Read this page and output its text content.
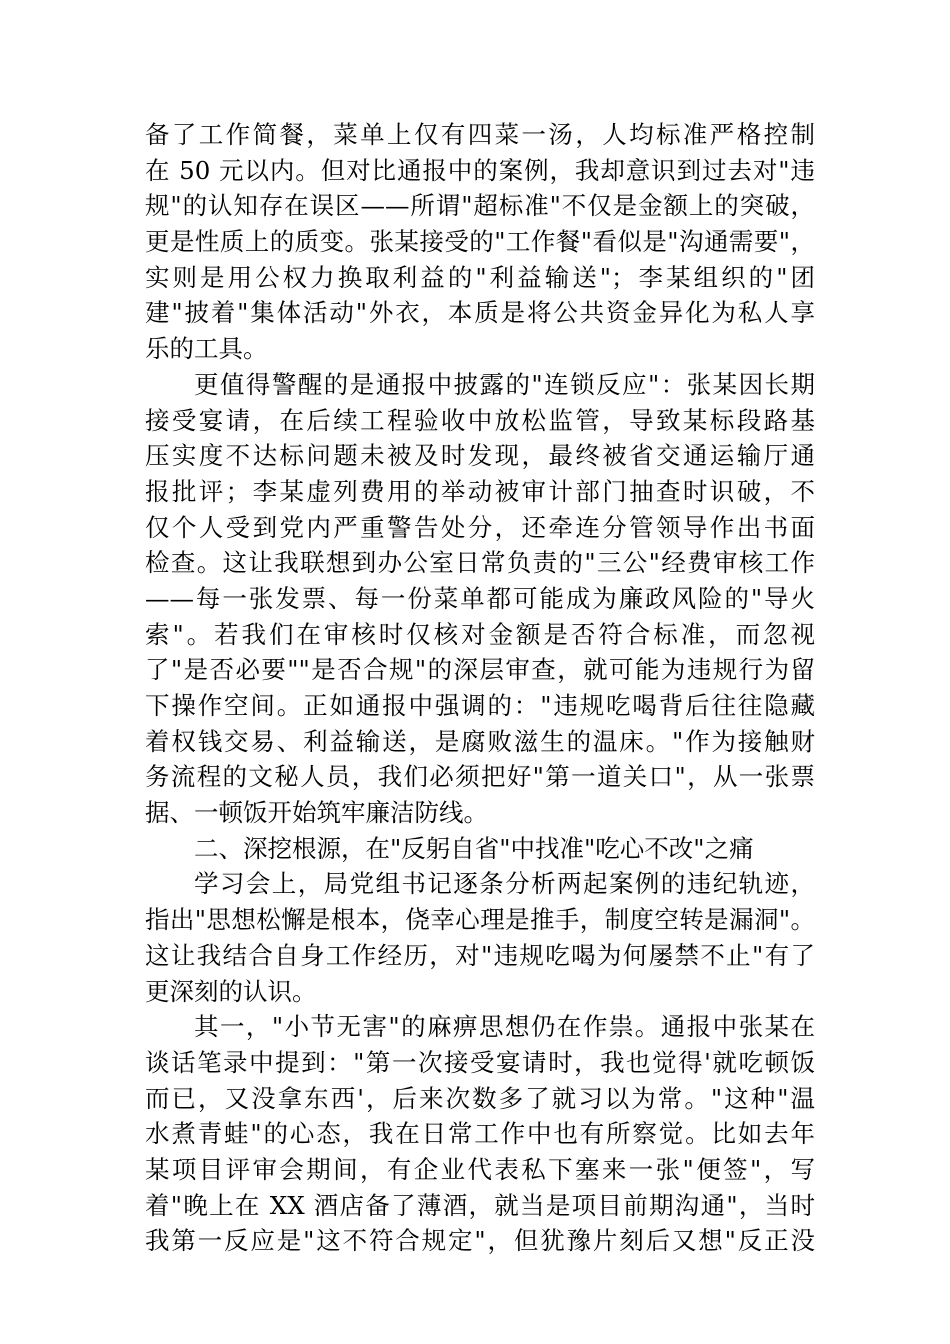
备了工作简餐，菜单上仅有四菜一汤，人均标准严格控制
在 50 元以内。但对比通报中的案例，我却意识到过去对"违
规"的认知存在误区——所谓"超标准"不仅是金额上的突破，
更是性质上的质变。张某接受的"工作餐"看似是"沟通需要"，
实则是用公权力换取利益的"利益输送"；李某组织的"团
建"披着"集体活动"外衣，本质是将公共资金异化为私人享
乐的工具。
更值得警醒的是通报中披露的"连锁反应"：张某因长期
接受宴请，在后续工程验收中放松监管，导致某标段路基
压实度不达标问题未被及时发现，最终被省交通运输厅通
报批评；李某虚列费用的举动被审计部门抽查时识破，不
仅个人受到党内严重警告处分，还牵连分管领导作出书面
检查。这让我联想到办公室日常负责的"三公"经费审核工作
——每一张发票、每一份菜单都可能成为廉政风险的"导火
索"。若我们在审核时仅核对金额是否符合标准，而忽视
了"是否必要""是否合规"的深层审查，就可能为违规行为留
下操作空间。正如通报中强调的："违规吃喝背后往往隐藏
着权钱交易、利益输送，是腐败滋生的温床。"作为接触财
务流程的文秘人员，我们必须把好"第一道关口"，从一张票
据、一顿饭开始筑牢廉洁防线。
二、深挖根源，在"反躬自省"中找准"吃心不改"之痛
学习会上，局党组书记逐条分析两起案例的违纪轨迹，
指出"思想松懈是根本，侥幸心理是推手，制度空转是漏洞"。
这让我结合自身工作经历，对"违规吃喝为何屡禁不止"有了
更深刻的认识。
其一，"小节无害"的麻痹思想仍在作祟。通报中张某在
谈话笔录中提到："第一次接受宴请时，我也觉得'就吃顿饭
而已，又没拿东西'，后来次数多了就习以为常。"这种"温
水煮青蛙"的心态，我在日常工作中也有所察觉。比如去年
某项目评审会期间，有企业代表私下塞来一张"便签"，写
着"晚上在 XX 酒店备了薄酒，就当是项目前期沟通"，当时
我第一反应是"这不符合规定"，但犹豫片刻后又想"反正没
